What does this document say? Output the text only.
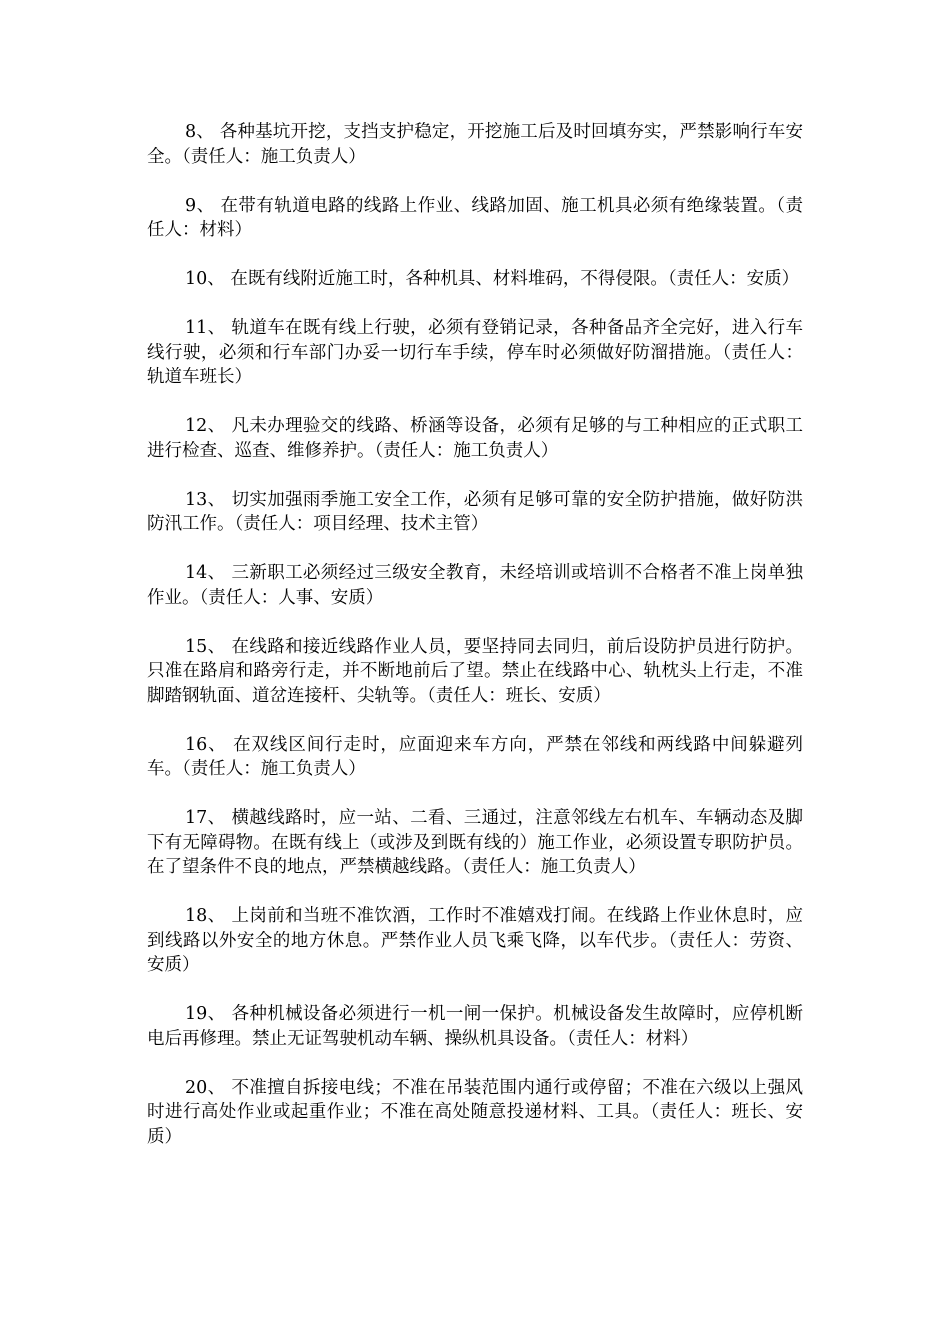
8、 各种基坑开挖，支挡支护稳定，开挖施工后及时回填夯实，严禁影响行车安全。（责任人：施工负责人）

9、 在带有轨道电路的线路上作业、线路加固、施工机具必须有绝缘装置。（责任人：材料）

10、 在既有线附近施工时，各种机具、材料堆码，不得侵限。（责任人：安质）

11、 轨道车在既有线上行驶，必须有登销记录，各种备品齐全完好，进入行车线行驶，必须和行车部门办妥一切行车手续，停车时必须做好防溜措施。（责任人：轨道车班长）

12、 凡未办理验交的线路、桥涵等设备，必须有足够的与工种相应的正式职工进行检查、巡查、维修养护。（责任人：施工负责人）

13、 切实加强雨季施工安全工作，必须有足够可靠的安全防护措施，做好防洪防汛工作。（责任人：项目经理、技术主管）

14、 三新职工必须经过三级安全教育，未经培训或培训不合格者不准上岗单独作业。（责任人：人事、安质）

15、 在线路和接近线路作业人员，要坚持同去同归，前后设防护员进行防护。只准在路肩和路旁行走，并不断地前后了望。禁止在线路中心、轨枕头上行走，不准脚踏钢轨面、道岔连接杆、尖轨等。（责任人：班长、安质）

16、 在双线区间行走时，应面迎来车方向，严禁在邻线和两线路中间躲避列车。（责任人：施工负责人）

17、 横越线路时，应一站、二看、三通过，注意邻线左右机车、车辆动态及脚下有无障碍物。在既有线上（或涉及到既有线的）施工作业，必须设置专职防护员。在了望条件不良的地点，严禁横越线路。（责任人：施工负责人）

18、 上岗前和当班不准饮酒，工作时不准嬉戏打闹。在线路上作业休息时，应到线路以外安全的地方休息。严禁作业人员飞乘飞降，以车代步。（责任人：劳资、安质）

19、 各种机械设备必须进行一机一闸一保护。机械设备发生故障时，应停机断电后再修理。禁止无证驾驶机动车辆、操纵机具设备。（责任人：材料）

20、 不准擅自拆接电线；不准在吊装范围内通行或停留；不准在六级以上强风时进行高处作业或起重作业；不准在高处随意投递材料、工具。（责任人：班长、安质）
